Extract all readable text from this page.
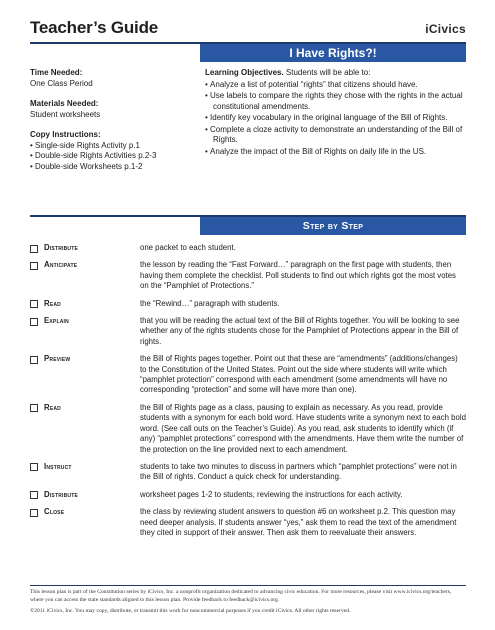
Teacher’s Guide	iCivics
I Have Rights?!
Time Needed:
One Class Period
Materials Needed:
Student worksheets
Copy Instructions:
• Single-side Rights Activity p.1
• Double-side Rights Activities p.2-3
• Double-side Worksheets p.1-2
Learning Objectives. Students will be able to:
• Analyze a list of potential “rights” that citizens should have.
• Use labels to compare the rights they chose with the rights in the actual constitutional amendments.
• Identify key vocabulary in the original language of the Bill of Rights.
• Complete a cloze activity to demonstrate an understanding of the Bill of Rights.
• Analyze the impact of the Bill of Rights on daily life in the US.
Step by Step
Distribute	one packet to each student.
Anticipate	the lesson by reading the “Fast Forward…” paragraph on the first page with students, then having them complete the checklist. Poll students to find out which rights got the most votes on the “Pamphlet of Protections.”
Read	the “Rewind…” paragraph with students.
Explain	that you will be reading the actual text of the Bill of Rights together. You will be looking to see whether any of the rights students chose for the Pamphlet of Protections appear in the Bill of rights.
Preview	the Bill of Rights pages together. Point out that these are “amendments” (additions/changes) to the Constitution of the United States. Point out the side where students will write which “pamphlet protection” correspond with each amendment (some amendments will have no corresponding “protection” and some will have more than one).
Read	the Bill of Rights page as a class, pausing to explain as necessary. As you read, provide students with a synonym for each bold word. Have students write a synonym next to each bold word. (See call outs on the Teacher’s Guide). As you read, ask students to identify which (if any) “pamphlet protections” correspond with the amendments. Have them write the number of the protection on the line provided next to each amendment.
Instruct	students to take two minutes to discuss in partners which “pamphlet protections” were not in the Bill of rights. Conduct a quick check for understanding.
Distribute	worksheet pages 1-2 to students, reviewing the instructions for each activity.
Close	the class by reviewing student answers to question #6 on worksheet p.2. This question may need deeper analysis. If students answer “yes,” ask them to read the text of the amendment they cited in support of their answer. Then ask them to reevaluate their answers.
This lesson plan is part of the Constitution series by iCivics, Inc. a nonprofit organization dedicated to advancing civic education. For more resources, please visit www.icivics.org/teachers, where you can access the state standards aligned to this lesson plan. Provide feedback to feedback@icivics.org.
©2011 iCivics, Inc. You may copy, distribute, or transmit this work for noncommercial purposes if you credit iCivics. All other rights reserved.
